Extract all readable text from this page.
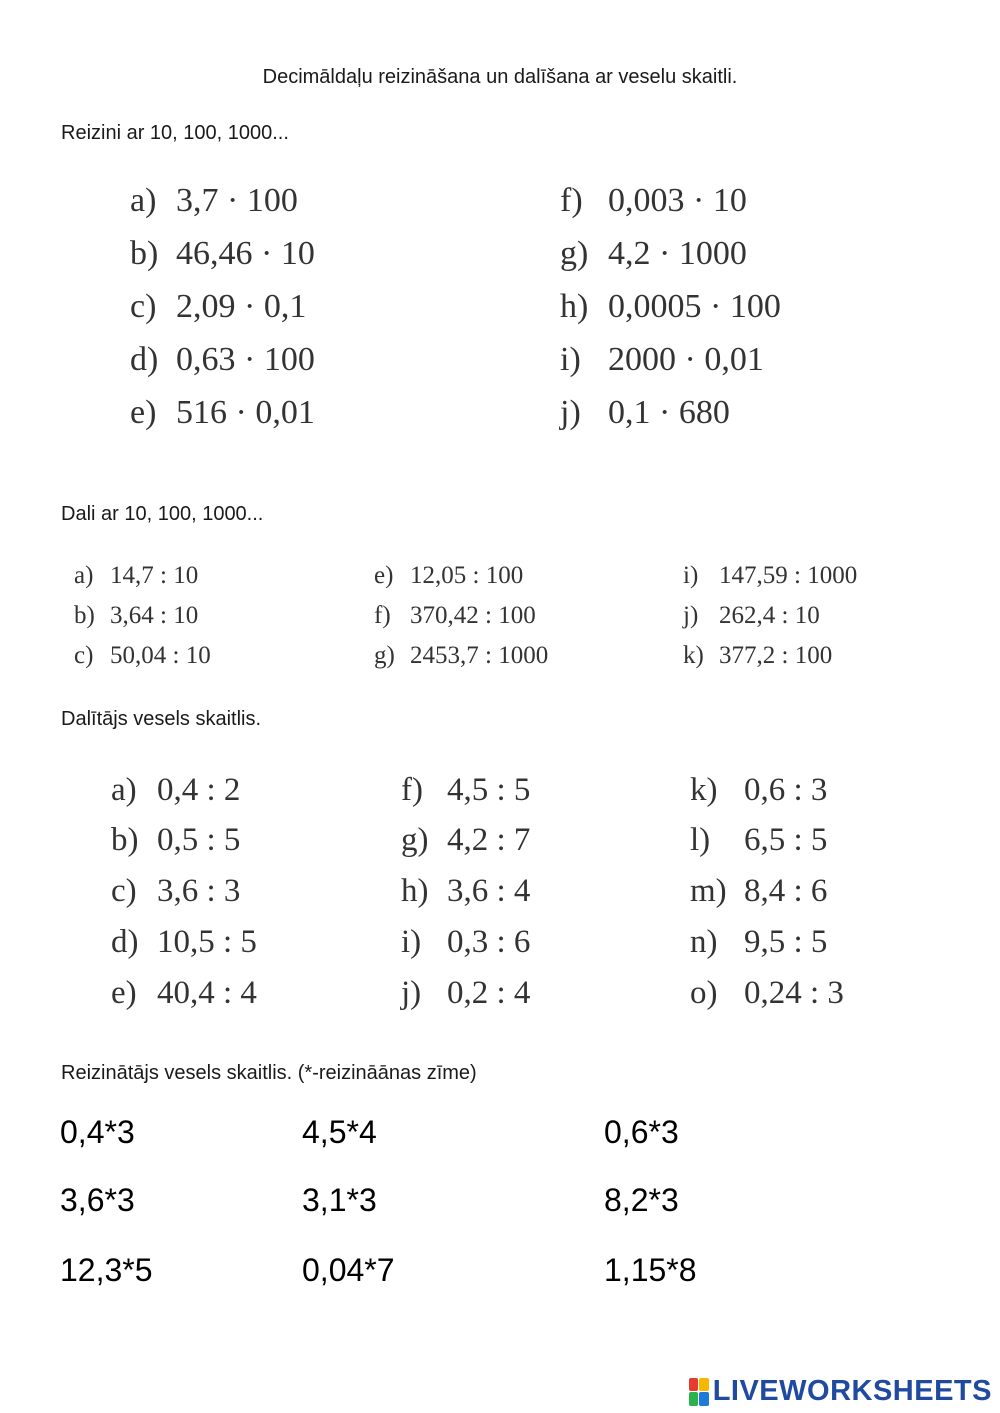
Decimāldaļu reizināšana un dalīšana ar veselu skaitli.
Reizini ar 10, 100, 1000...
a) 3,7 · 100
b) 46,46 · 10
c) 2,09 · 0,1
d) 0,63 · 100
e) 516 · 0,01
f) 0,003 · 10
g) 4,2 · 1000
h) 0,0005 · 100
i) 2000 · 0,01
j) 0,1 · 680
Dali ar 10, 100, 1000...
a) 14,7 : 10
b) 3,64 : 10
c) 50,04 : 10
e) 12,05 : 100
f) 370,42 : 100
g) 2453,7 : 1000
i) 147,59 : 1000
j) 262,4 : 10
k) 377,2 : 100
Dalītājs vesels skaitlis.
a) 0,4 : 2
b) 0,5 : 5
c) 3,6 : 3
d) 10,5 : 5
e) 40,4 : 4
f) 4,5 : 5
g) 4,2 : 7
h) 3,6 : 4
i) 0,3 : 6
j) 0,2 : 4
k) 0,6 : 3
l) 6,5 : 5
m) 8,4 : 6
n) 9,5 : 5
o) 0,24 : 3
Reizinātājs vesels skaitlis. (*-reizināānas zīme)
0,4*3	4,5*4	0,6*3
3,6*3	3,1*3	8,2*3
12,3*5	0,04*7	1,15*8
LIVEWORKSHEETS
